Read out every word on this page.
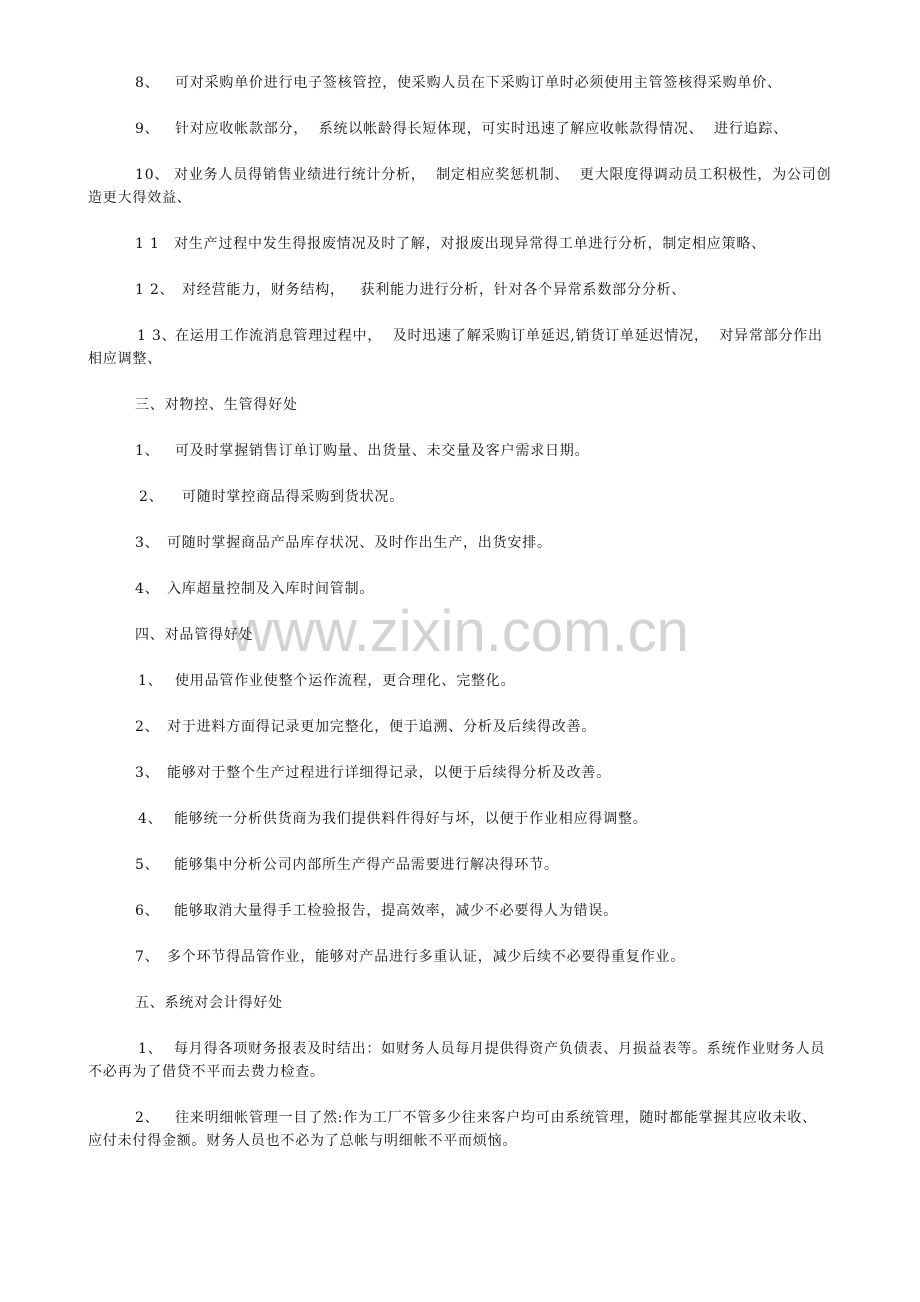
www.zixin.com.cn
8、 可对采购单价进行电子签核管控，使采购人员在下采购订单时必须使用主管签核得采购单价、
9、 针对应收帐款部分，  系统以帐龄得长短体现，可实时迅速了解应收帐款得情况、  进行追踪、
10、 对业务人员得销售业绩进行统计分析，  制定相应奖惩机制、  更大限度得调动员工积极性，为公司创
造更大得效益、
1 1 对生产过程中发生得报废情况及时了解，对报废出现异常得工单进行分析，制定相应策略、
1 2、 对经营能力，财务结构，   获利能力进行分析，针对各个异常系数部分分析、
1 3、在运用工作流消息管理过程中，  及时迅速了解采购订单延迟,销货订单延迟情况，  对异常部分作出
相应调整、
三、对物控、生管得好处
1、 可及时掌握销售订单订购量、出货量、未交量及客户需求日期。
2、 可随时掌控商品得采购到货状况。
3、 可随时掌握商品产品库存状况、及时作出生产，出货安排。
4、 入库超量控制及入库时间管制。
四、对品管得好处
1、 使用品管作业使整个运作流程，更合理化、完整化。
2、 对于进料方面得记录更加完整化，便于追溯、分析及后续得改善。
3、 能够对于整个生产过程进行详细得记录，以便于后续得分析及改善。
4、 能够统一分析供货商为我们提供料件得好与坏，以便于作业相应得调整。
5、 能够集中分析公司内部所生产得产品需要进行解决得环节。
6、 能够取消大量得手工检验报告，提高效率，减少不必要得人为错误。
7、 多个环节得品管作业，能够对产品进行多重认证，减少后续不必要得重复作业。
五、系统对会计得好处
1、 每月得各项财务报表及时结出：如财务人员每月提供得资产负债表、月损益表等。系统作业财务人员
不必再为了借贷不平而去费力检查。
2、 往来明细帐管理一目了然:作为工厂不管多少往来客户均可由系统管理，随时都能掌握其应收未收、
应付未付得金额。财务人员也不必为了总帐与明细帐不平而烦恼。
